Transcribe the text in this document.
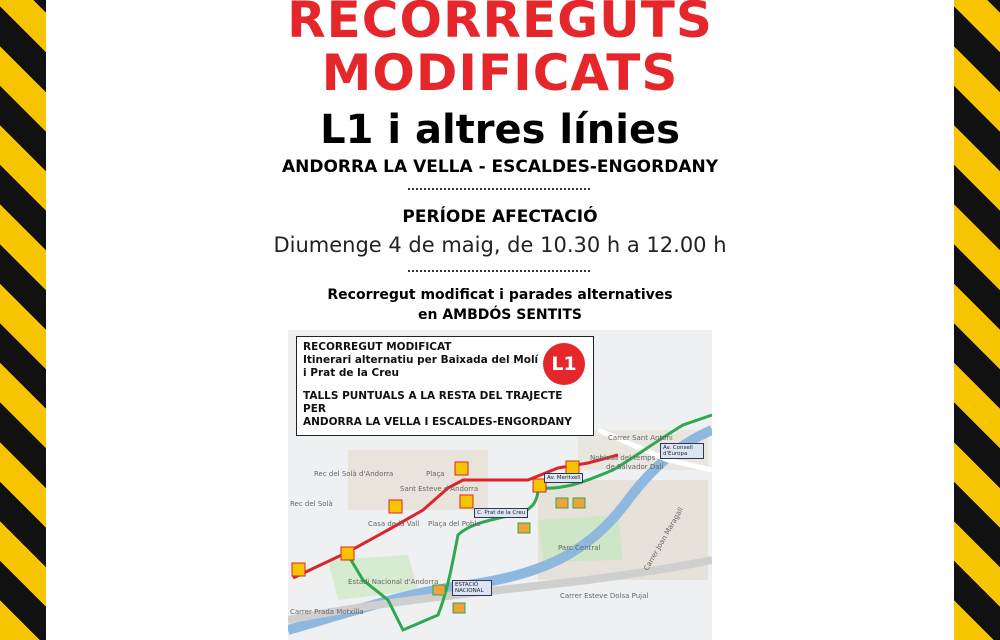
RECORREGUTS
MODIFICATS
L1 i altres línies
ANDORRA LA VELLA - ESCALDES-ENGORDANY
PERÍODE AFECTACIÓ
Diumenge 4 de maig, de 10.30 h a 12.00 h
Recorregut modificat i parades alternatives
en AMBDÓS SENTITS
Carrer Sant Antoni
Noblesa del temps
de Salvador Dalí
Rec del Solà d'Andorra	Plaça
Sant Esteve d'Andorra
Rec del Solà
Casa de la Vall Plaça del Poble	Carrer Joan Maragall
Parc Central
Estadi Nacional d'Andorra
Carrer Esteve Dolsa Pujal
Carrer Prada Motxilla
Av. Meritxell
C. Prat de la Creu
Av. Consell d'Europa
ESTACIÓ NACIONAL

RECORREGUT MODIFICAT

Itinerari alternatiu per Baixada del Molí

i Prat de la Creu

TALLS PUNTUALS A LA RESTA DEL TRAJECTE PER

ANDORRA LA VELLA I ESCALDES-ENGORDANY

L1
